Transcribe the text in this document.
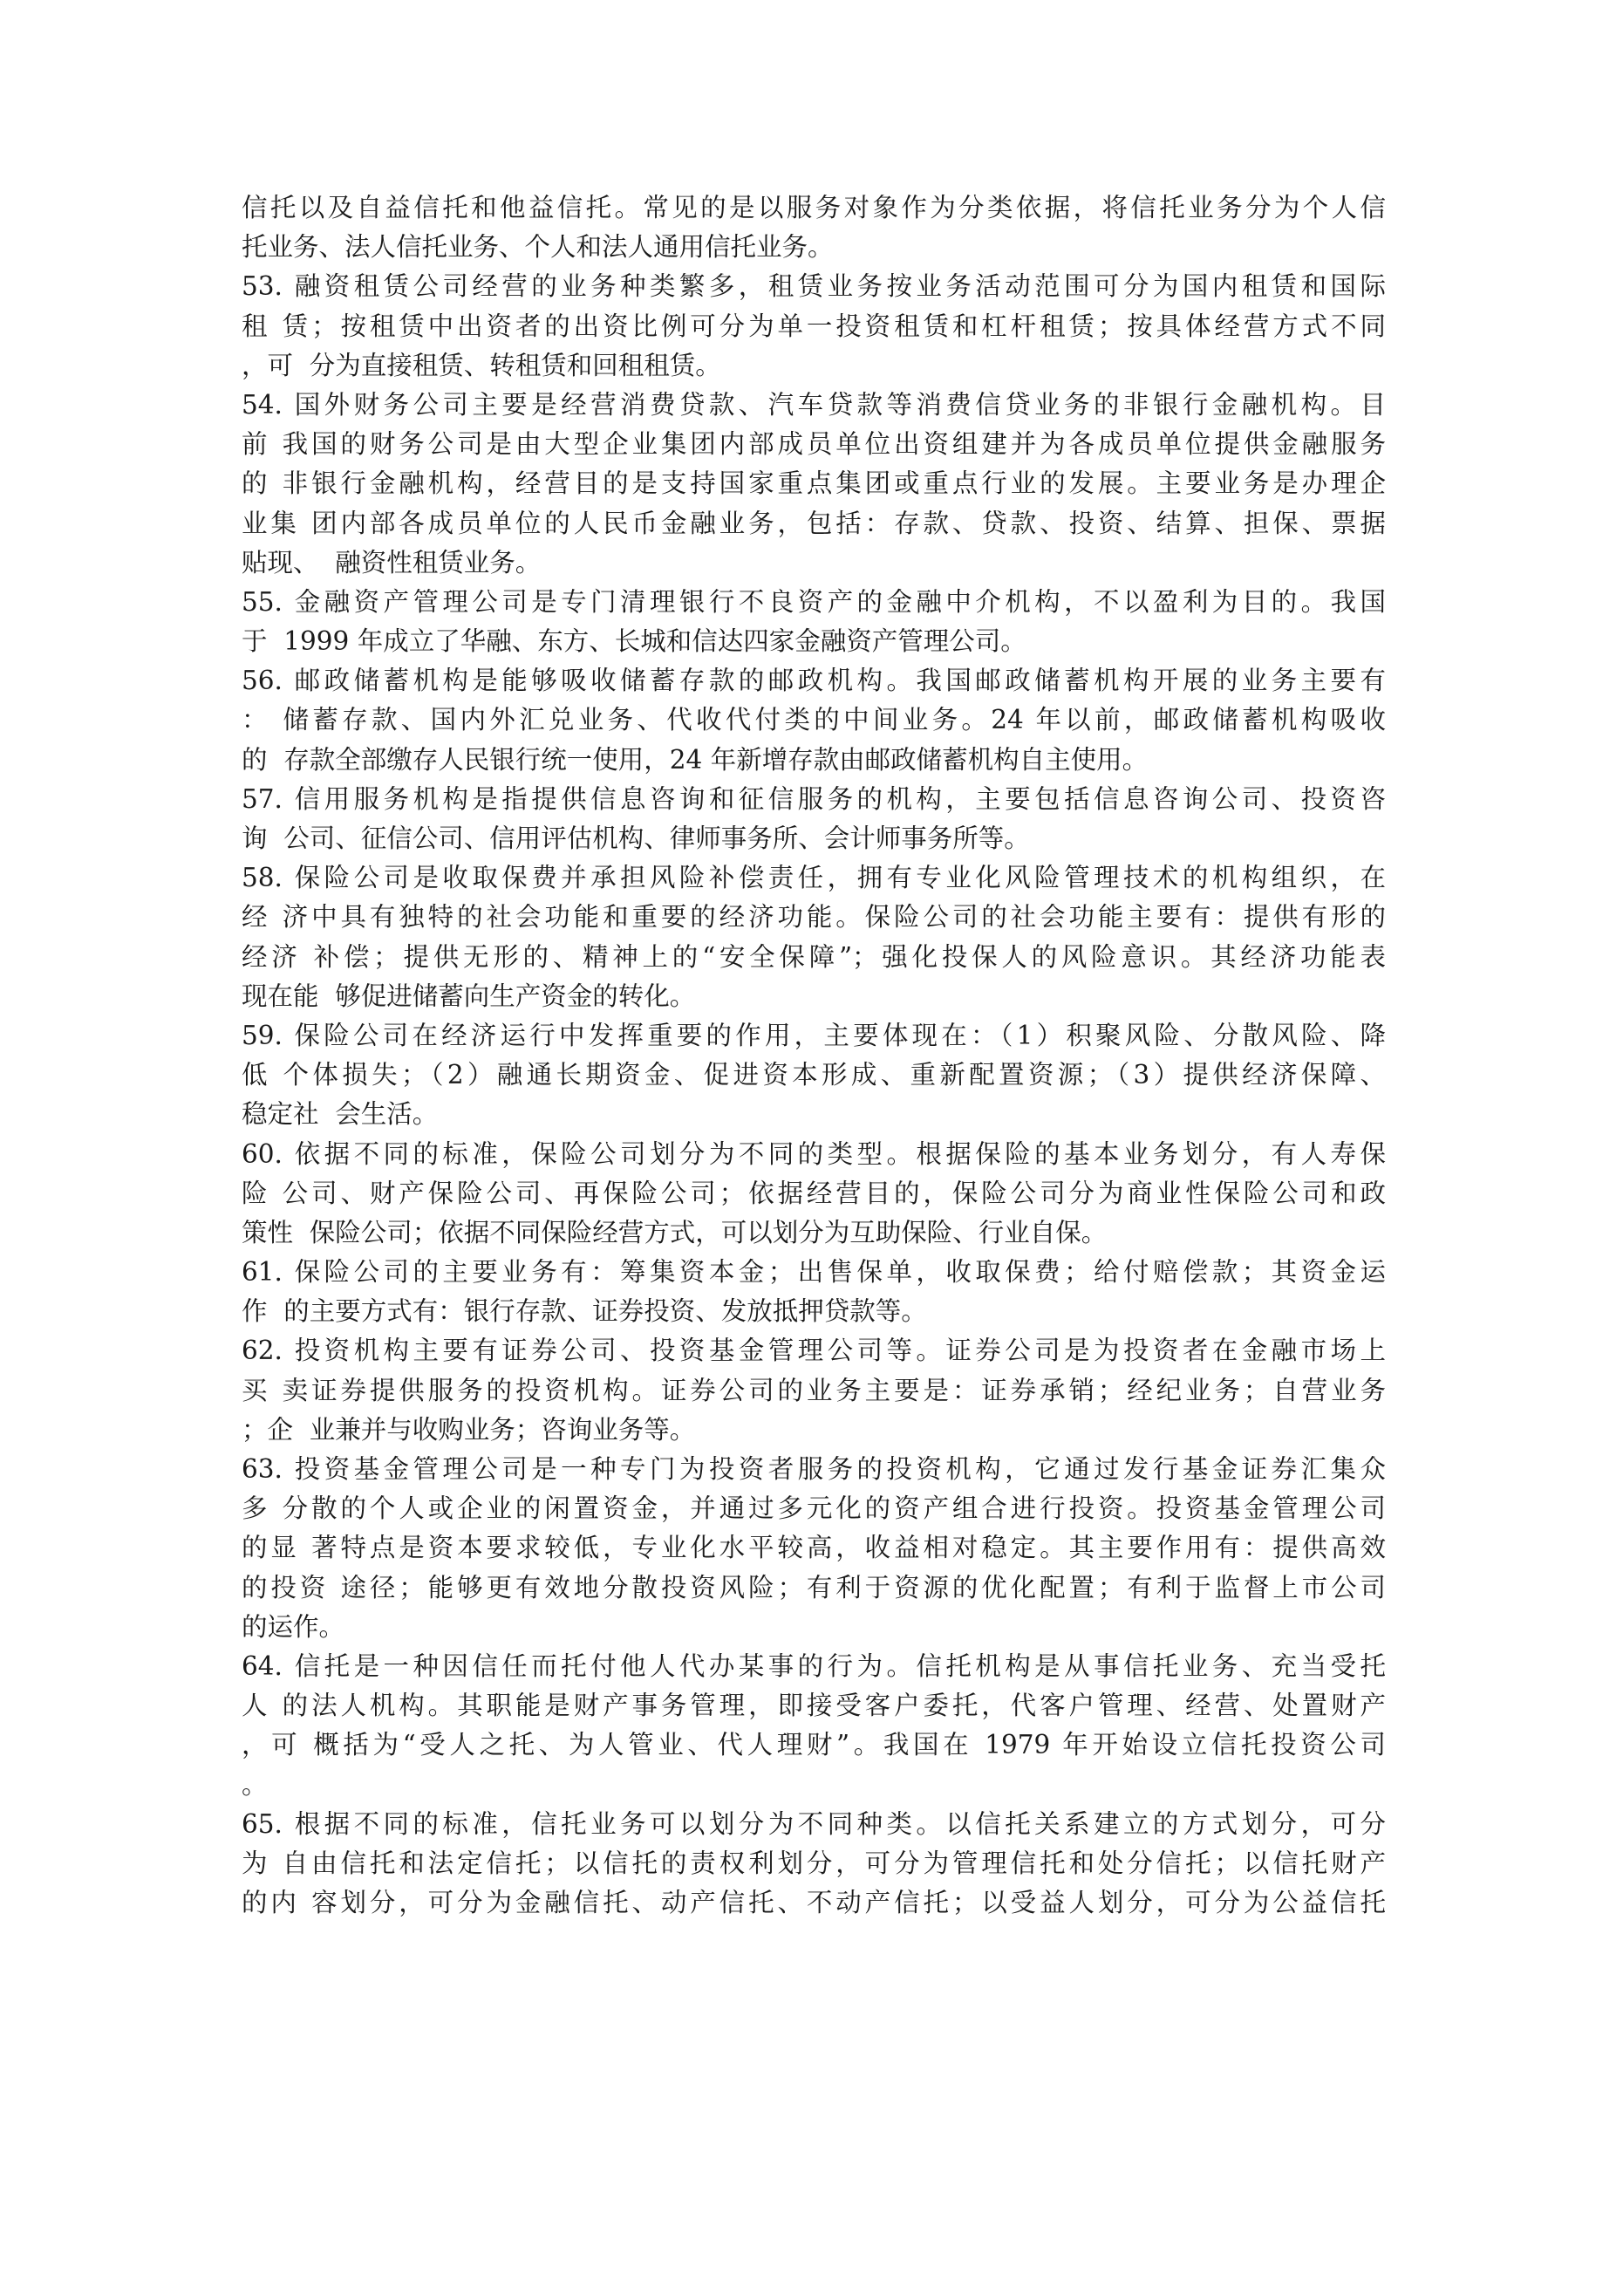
信托以及自益信托和他益信托。常见的是以服务对象作为分类依据，将信托业务分为个人信
托业务、法人信托业务、个人和法人通用信托业务。
53. 融资租赁公司经营的业务种类繁多，租赁业务按业务活动范围可分为国内租赁和国际
租 赁；按租赁中出资者的出资比例可分为单一投资租赁和杠杆租赁；按具体经营方式不同
，可  分为直接租赁、转租赁和回租租赁。
54. 国外财务公司主要是经营消费贷款、汽车贷款等消费信贷业务的非银行金融机构。目
前 我国的财务公司是由大型企业集团内部成员单位出资组建并为各成员单位提供金融服务
的 非银行金融机构，经营目的是支持国家重点集团或重点行业的发展。主要业务是办理企
业集 团内部各成员单位的人民币金融业务，包括：存款、贷款、投资、结算、担保、票据
贴现、  融资性租赁业务。
55. 金融资产管理公司是专门清理银行不良资产的金融中介机构，不以盈利为目的。我国
于  1999 年成立了华融、东方、长城和信达四家金融资产管理公司。
56. 邮政储蓄机构是能够吸收储蓄存款的邮政机构。我国邮政储蓄机构开展的业务主要有
： 储蓄存款、国内外汇兑业务、代收代付类的中间业务。24 年以前，邮政储蓄机构吸收
的  存款全部缴存人民银行统一使用，24 年新增存款由邮政储蓄机构自主使用。
57. 信用服务机构是指提供信息咨询和征信服务的机构，主要包括信息咨询公司、投资咨
询  公司、征信公司、信用评估机构、律师事务所、会计师事务所等。
58. 保险公司是收取保费并承担风险补偿责任，拥有专业化风险管理技术的机构组织，在
经 济中具有独特的社会功能和重要的经济功能。保险公司的社会功能主要有：提供有形的
经济 补偿；提供无形的、精神上的“安全保障”；强化投保人的风险意识。其经济功能表
现在能  够促进储蓄向生产资金的转化。
59. 保险公司在经济运行中发挥重要的作用，主要体现在：（1）积聚风险、分散风险、降
低 个体损失；（2）融通长期资金、促进资本形成、重新配置资源；（3）提供经济保障、
稳定社  会生活。
60. 依据不同的标准，保险公司划分为不同的类型。根据保险的基本业务划分，有人寿保
险 公司、财产保险公司、再保险公司；依据经营目的，保险公司分为商业性保险公司和政
策性  保险公司；依据不同保险经营方式，可以划分为互助保险、行业自保。
61. 保险公司的主要业务有：筹集资本金；出售保单，收取保费；给付赔偿款；其资金运
作  的主要方式有：银行存款、证券投资、发放抵押贷款等。
62. 投资机构主要有证券公司、投资基金管理公司等。证券公司是为投资者在金融市场上
买 卖证券提供服务的投资机构。证券公司的业务主要是：证券承销；经纪业务；自营业务
；企  业兼并与收购业务；咨询业务等。
63. 投资基金管理公司是一种专门为投资者服务的投资机构，它通过发行基金证券汇集众
多 分散的个人或企业的闲置资金，并通过多元化的资产组合进行投资。投资基金管理公司
的显 著特点是资本要求较低，专业化水平较高，收益相对稳定。其主要作用有：提供高效
的投资 途径；能够更有效地分散投资风险；有利于资源的优化配置；有利于监督上市公司
的运作。
64. 信托是一种因信任而托付他人代办某事的行为。信托机构是从事信托业务、充当受托
人 的法人机构。其职能是财产事务管理，即接受客户委托，代客户管理、经营、处置财产
，可 概括为“受人之托、为人管业、代人理财”。我国在 1979 年开始设立信托投资公司
。
65. 根据不同的标准，信托业务可以划分为不同种类。以信托关系建立的方式划分，可分
为 自由信托和法定信托；以信托的责权利划分，可分为管理信托和处分信托；以信托财产
的内 容划分，可分为金融信托、动产信托、不动产信托；以受益人划分，可分为公益信托
